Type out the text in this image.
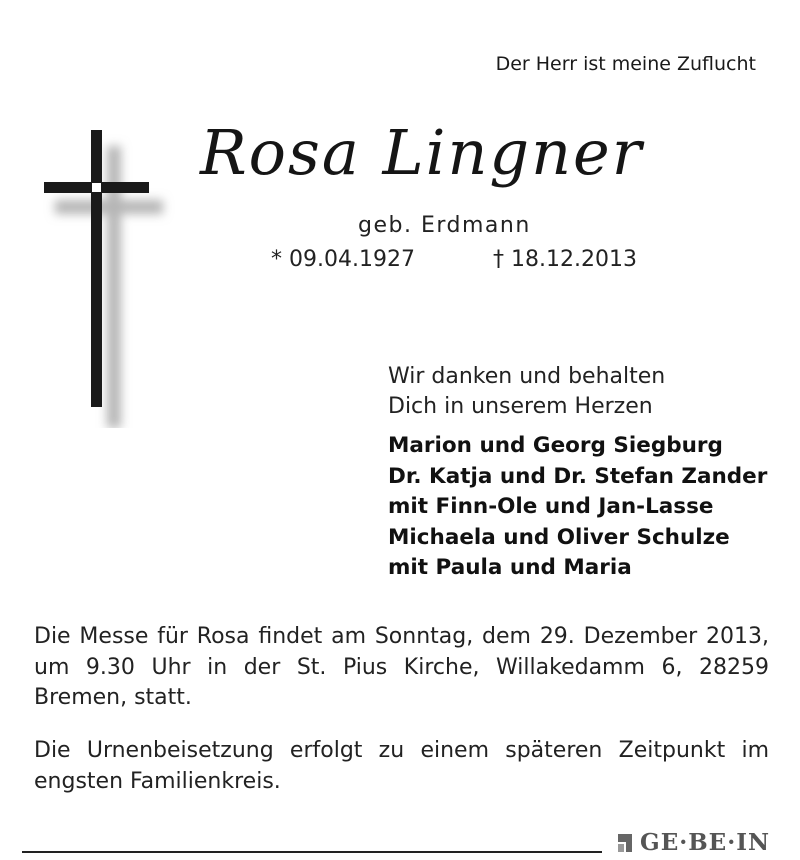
Der Herr ist meine Zuflucht
Rosa Lingner
geb. Erdmann
* 09.04.1927	† 18.12.2013
Wir danken und behalten
Dich in unserem Herzen
Marion und Georg Siegburg
Dr. Katja und Dr. Stefan Zander
mit Finn-Ole und Jan-Lasse
Michaela und Oliver Schulze
mit Paula und Maria
Die Messe für Rosa findet am Sonntag, dem 29. Dezember 2013, um 9.30 Uhr in der St. Pius Kirche, Willakedamm 6, 28259 Bremen, statt.
Die Urnenbeisetzung erfolgt zu einem späteren Zeitpunkt im engsten Familienkreis.
GE·BE·IN
